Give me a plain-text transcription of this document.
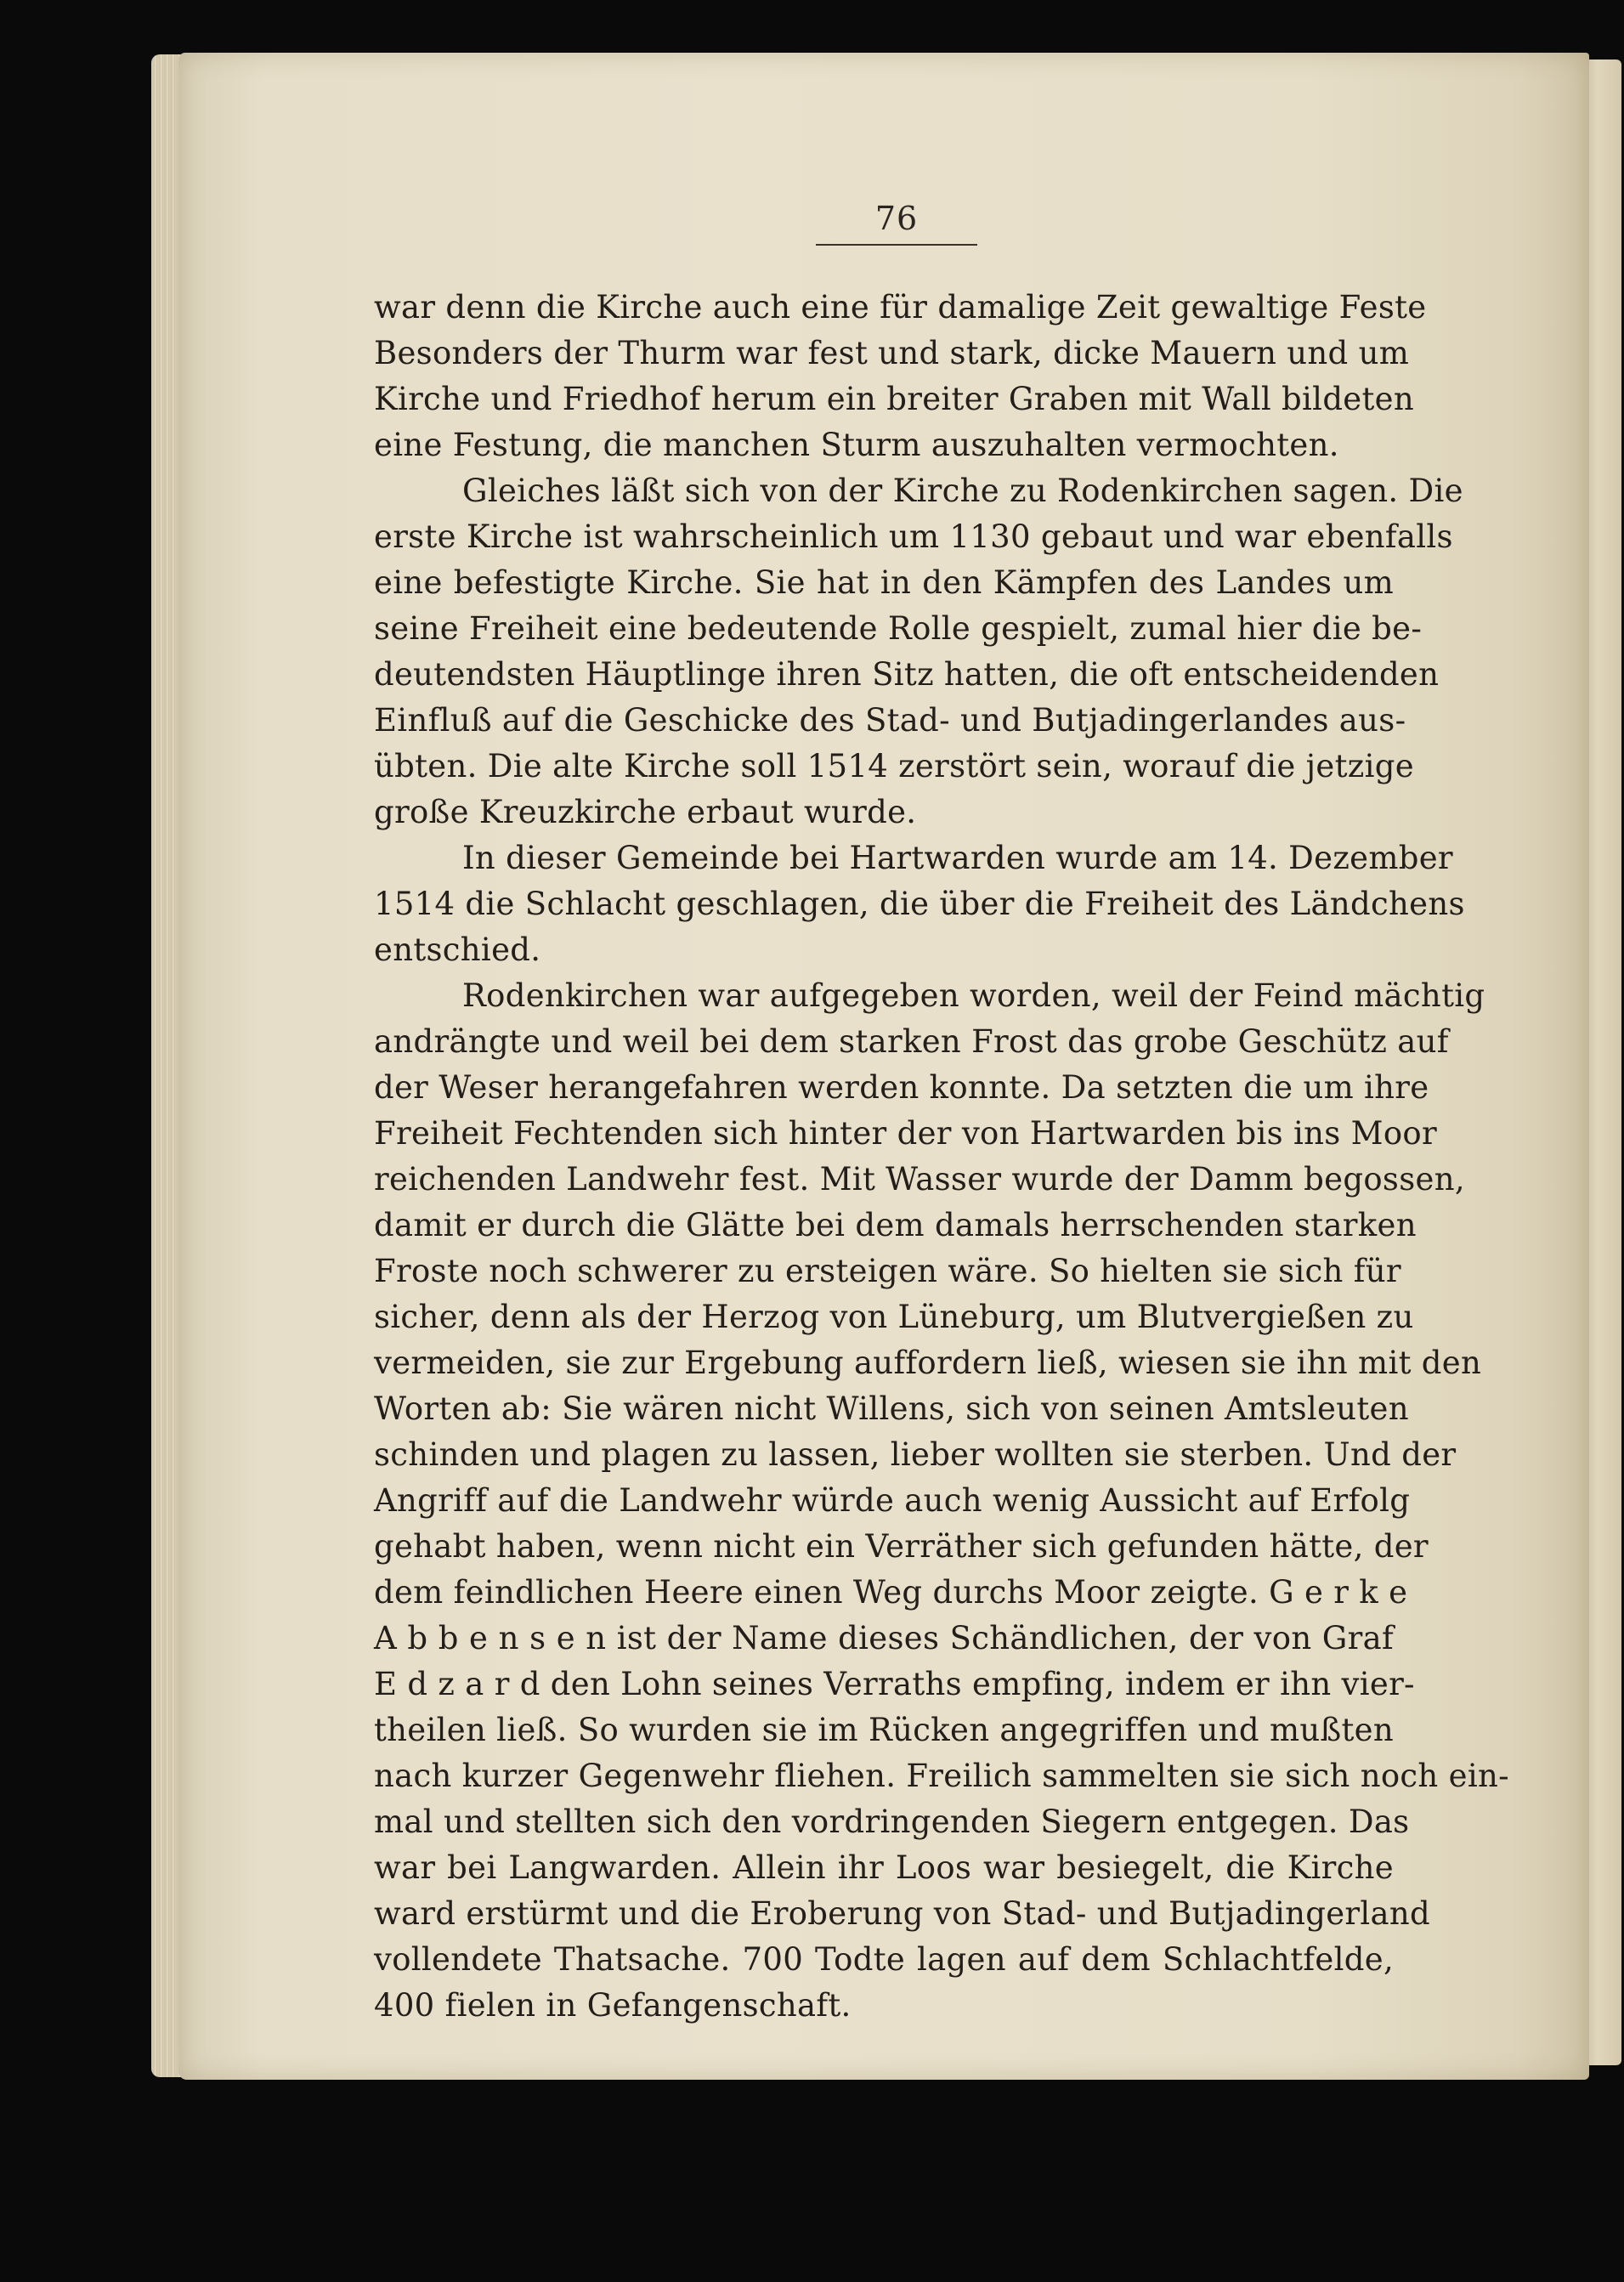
76
war denn die Kirche auch eine für damalige Zeit gewaltige Feste
Besonders der Thurm war fest und stark, dicke Mauern und um
Kirche und Friedhof herum ein breiter Graben mit Wall bildeten
eine Festung, die manchen Sturm auszuhalten vermochten.
Gleiches läßt sich von der Kirche zu Rodenkirchen sagen. Die
erste Kirche ist wahrscheinlich um 1130 gebaut und war ebenfalls
eine befestigte Kirche. Sie hat in den Kämpfen des Landes um
seine Freiheit eine bedeutende Rolle gespielt, zumal hier die be-
deutendsten Häuptlinge ihren Sitz hatten, die oft entscheidenden
Einfluß auf die Geschicke des Stad- und Butjadingerlandes aus-
übten. Die alte Kirche soll 1514 zerstört sein, worauf die jetzige
große Kreuzkirche erbaut wurde.
In dieser Gemeinde bei Hartwarden wurde am 14. Dezember
1514 die Schlacht geschlagen, die über die Freiheit des Ländchens
entschied.
Rodenkirchen war aufgegeben worden, weil der Feind mächtig
andrängte und weil bei dem starken Frost das grobe Geschütz auf
der Weser herangefahren werden konnte. Da setzten die um ihre
Freiheit Fechtenden sich hinter der von Hartwarden bis ins Moor
reichenden Landwehr fest. Mit Wasser wurde der Damm begossen,
damit er durch die Glätte bei dem damals herrschenden starken
Froste noch schwerer zu ersteigen wäre. So hielten sie sich für
sicher, denn als der Herzog von Lüneburg, um Blutvergießen zu
vermeiden, sie zur Ergebung auffordern ließ, wiesen sie ihn mit den
Worten ab: Sie wären nicht Willens, sich von seinen Amtsleuten
schinden und plagen zu lassen, lieber wollten sie sterben. Und der
Angriff auf die Landwehr würde auch wenig Aussicht auf Erfolg
gehabt haben, wenn nicht ein Verräther sich gefunden hätte, der
dem feindlichen Heere einen Weg durchs Moor zeigte. G e r k e
A b b e n s e n ist der Name dieses Schändlichen, der von Graf
E d z a r d den Lohn seines Verraths empfing, indem er ihn vier-
theilen ließ. So wurden sie im Rücken angegriffen und mußten
nach kurzer Gegenwehr fliehen. Freilich sammelten sie sich noch ein-
mal und stellten sich den vordringenden Siegern entgegen. Das
war bei Langwarden. Allein ihr Loos war besiegelt, die Kirche
ward erstürmt und die Eroberung von Stad- und Butjadingerland
vollendete Thatsache. 700 Todte lagen auf dem Schlachtfelde,
400 fielen in Gefangenschaft.
